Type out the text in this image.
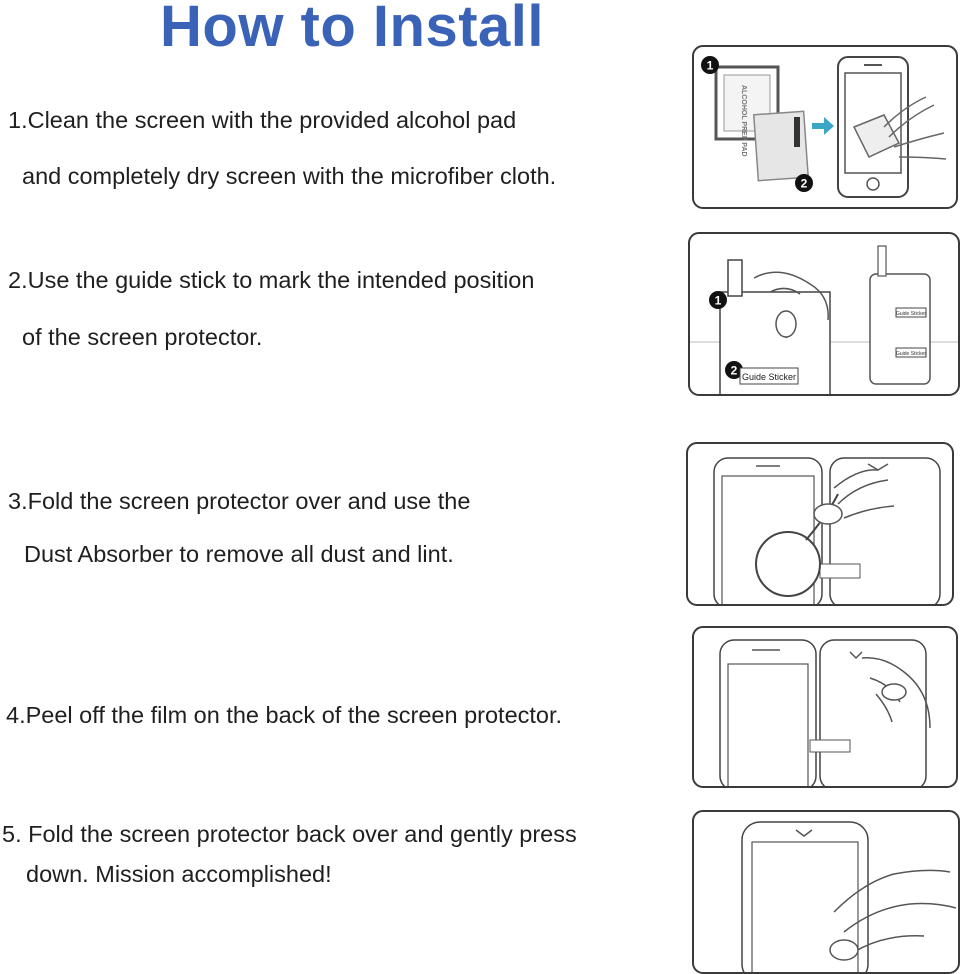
How to Install
1.Clean the screen with the provided alcohol pad
and completely dry screen with the microfiber cloth.
2.Use the guide stick to mark the intended position
of the screen protector.
3.Fold the screen protector over and use the
Dust Absorber to remove all dust and lint.
4.Peel off the film on the back of the screen protector.
5. Fold the screen protector back over and gently press
down. Mission accomplished!
ALCOHOL PREP PAD
1
2
1
2 Guide Sticker
Guide Sticker
Guide Sticker
